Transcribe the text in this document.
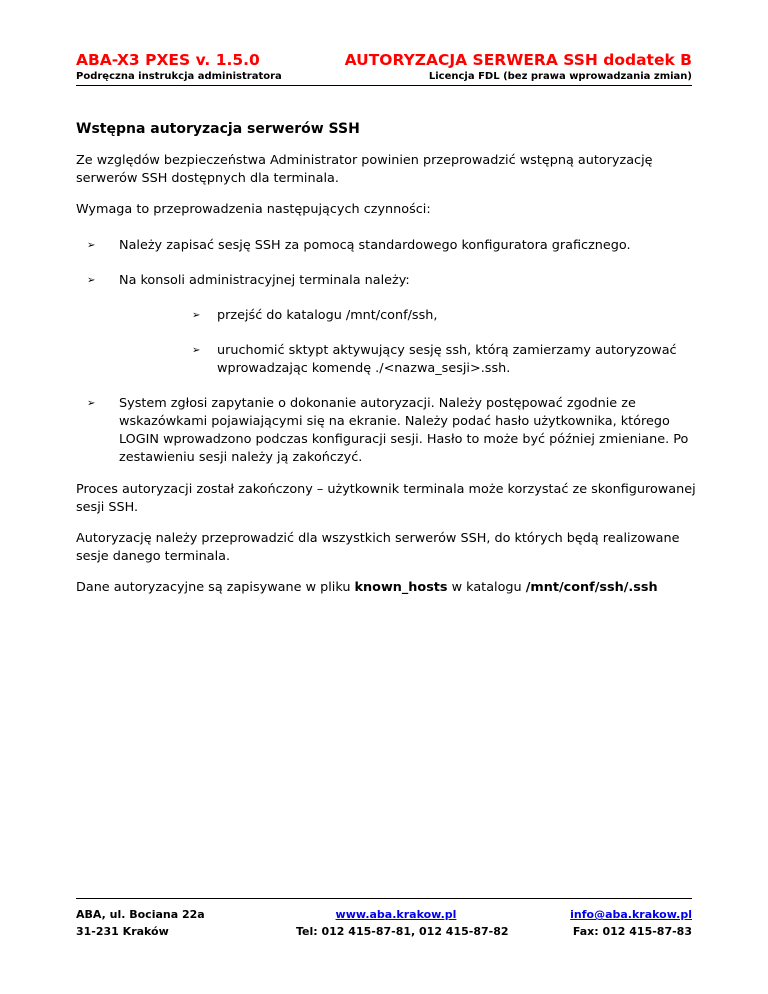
ABA-X3 PXES v. 1.5.0	AUTORYZACJA SERWERA SSH dodatek B
Podręczna instrukcja administratora	Licencja FDL (bez prawa wprowadzania zmian)
Wstępna autoryzacja serwerów SSH

Ze względów bezpieczeństwa Administrator powinien przeprowadzić wstępną autoryzację serwerów SSH dostępnych dla terminala.

Wymaga to przeprowadzenia następujących czynności:

➢ Należy zapisać sesję SSH za pomocą standardowego konfiguratora graficznego.
➢ Na konsoli administracyjnej terminala należy:
➢ przejść do katalogu /mnt/conf/ssh,
➢ uruchomić sktypt aktywujący sesję ssh, którą zamierzamy autoryzować wprowadzając komendę ./<nazwa_sesji>.ssh.
➢ System zgłosi zapytanie o dokonanie autoryzacji. Należy postępować zgodnie ze wskazówkami pojawiającymi się na ekranie. Należy podać hasło użytkownika, którego LOGIN wprowadzono podczas konfiguracji sesji. Hasło to może być później zmieniane. Po zestawieniu sesji należy ją zakończyć.

Proces autoryzacji został zakończony – użytkownik terminala może korzystać ze skonfigurowanej sesji SSH.

Autoryzację należy przeprowadzić dla wszystkich serwerów SSH, do których będą realizowane sesje danego terminala.

Dane autoryzacyjne są zapisywane w pliku known_hosts w katalogu /mnt/conf/ssh/.ssh

ABA, ul. Bociana 22a
31-231 Kraków
www.aba.krakow.pl
Tel: 012 415-87-81, 012 415-87-82
info@aba.krakow.pl
Fax: 012 415-87-83
